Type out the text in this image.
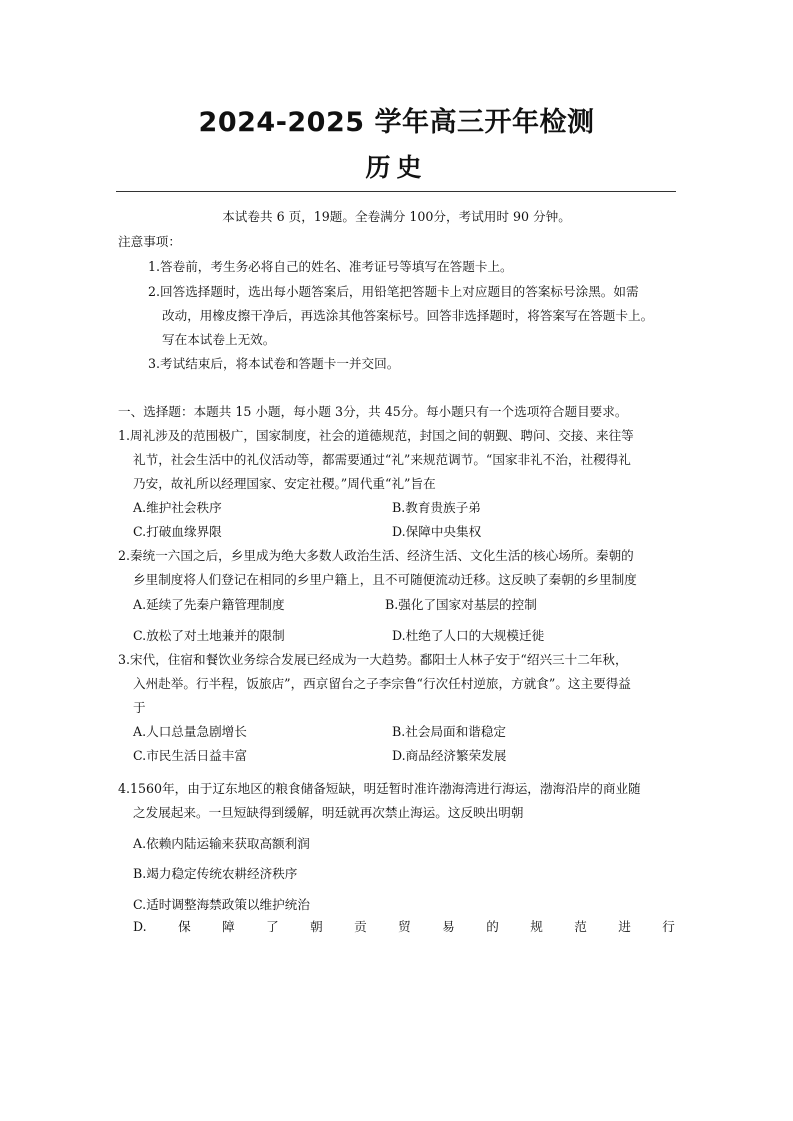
2024-2025 学年高三开年检测
历史
本试卷共 6 页，19题。全卷满分 100分，考试用时 90 分钟。
注意事项：
1.答卷前，考生务必将自己的姓名、准考证号等填写在答题卡上。
2.回答选择题时，选出每小题答案后，用铅笔把答题卡上对应题目的答案标号涂黑。如需
改动，用橡皮擦干净后，再选涂其他答案标号。回答非选择题时，将答案写在答题卡上。
写在本试卷上无效。
3.考试结束后，将本试卷和答题卡一并交回。
一、选择题：本题共 15 小题，每小题 3分，共 45分。每小题只有一个选项符合题目要求。
1.周礼涉及的范围极广，国家制度，社会的道德规范，封国之间的朝觐、聘问、交接、来往等
礼节，社会生活中的礼仪活动等，都需要通过“礼”来规范调节。“国家非礼不治，社稷得礼
乃安，故礼所以经理国家、安定社稷。”周代重“礼”旨在
A.维护社会秩序	B.教育贵族子弟
C.打破血缘界限	D.保障中央集权
2.秦统一六国之后，乡里成为绝大多数人政治生活、经济生活、文化生活的核心场所。秦朝的
乡里制度将人们登记在相同的乡里户籍上，且不可随便流动迁移。这反映了秦朝的乡里制度
A.延续了先秦户籍管理制度	B.强化了国家对基层的控制
C.放松了对土地兼并的限制	D.杜绝了人口的大规模迁徙
3.宋代，住宿和餐饮业务综合发展已经成为一大趋势。鄱阳士人林子安于“绍兴三十二年秋，
入州赴举。行半程，饭旅店”，西京留台之子李宗鲁“行次任村逆旅，方就食”。这主要得益
于
A.人口总量急剧增长	B.社会局面和谐稳定
C.市民生活日益丰富	D.商品经济繁荣发展
4.1560年，由于辽东地区的粮食储备短缺，明廷暂时准许渤海湾进行海运，渤海沿岸的商业随
之发展起来。一旦短缺得到缓解，明廷就再次禁止海运。这反映出明朝
A.依赖内陆运输来获取高额利润
B.竭力稳定传统农耕经济秩序
C.适时调整海禁政策以维护统治
D. 保 障 了 朝 贡 贸 易 的 规 范 进 行
